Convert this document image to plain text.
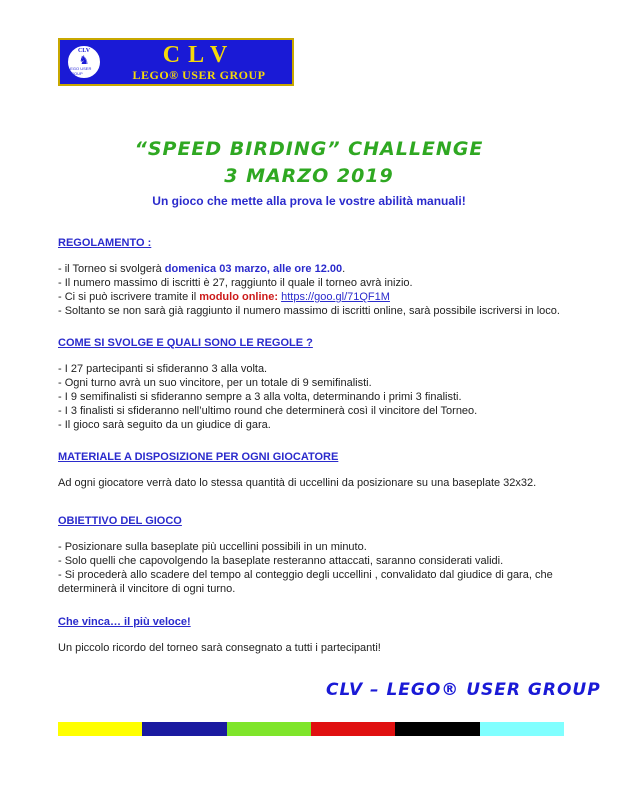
CLV
♞
LEGO USER GROUP
CLV
LEGO® USER GROUP
“SPEED BIRDING” CHALLENGE
3 MARZO 2019
Un gioco che mette alla prova le vostre abilità manuali!

REGOLAMENTO :

- il Torneo si svolgerà domenica 03 marzo, alle ore 12.00.

- Il numero massimo di iscritti è 27, raggiunto il quale il torneo avrà inizio.

- Ci si può iscrivere tramite il modulo online: https://goo.gl/71QF1M

- Soltanto se non sarà già raggiunto il numero massimo di iscritti online, sarà possibile iscriversi in loco.

COME SI SVOLGE E QUALI SONO LE REGOLE ?

- I 27 partecipanti si sfideranno 3 alla volta.

- Ogni turno avrà un suo vincitore, per un totale di 9 semifinalisti.

- I 9 semifinalisti si sfideranno sempre a 3 alla volta, determinando i primi 3 finalisti.

- I 3 finalisti si sfideranno nell’ultimo round che determinerà così il vincitore del Torneo.

- Il gioco sarà seguito da un giudice di gara.

MATERIALE A DISPOSIZIONE PER OGNI GIOCATORE

Ad ogni giocatore verrà dato lo stessa quantità di uccellini da posizionare su una baseplate 32x32.

OBIETTIVO DEL GIOCO

- Posizionare sulla baseplate più uccellini possibili in un minuto.

- Solo quelli che capovolgendo la baseplate resteranno attaccati, saranno considerati validi.

- Si procederà allo scadere del tempo al conteggio degli uccellini , convalidato dal giudice di gara, che determinerà il vincitore di ogni turno.

Che vinca… il più veloce!

Un piccolo ricordo del torneo sarà consegnato a tutti i partecipanti!

CLV – LEGO® USER GROUP
